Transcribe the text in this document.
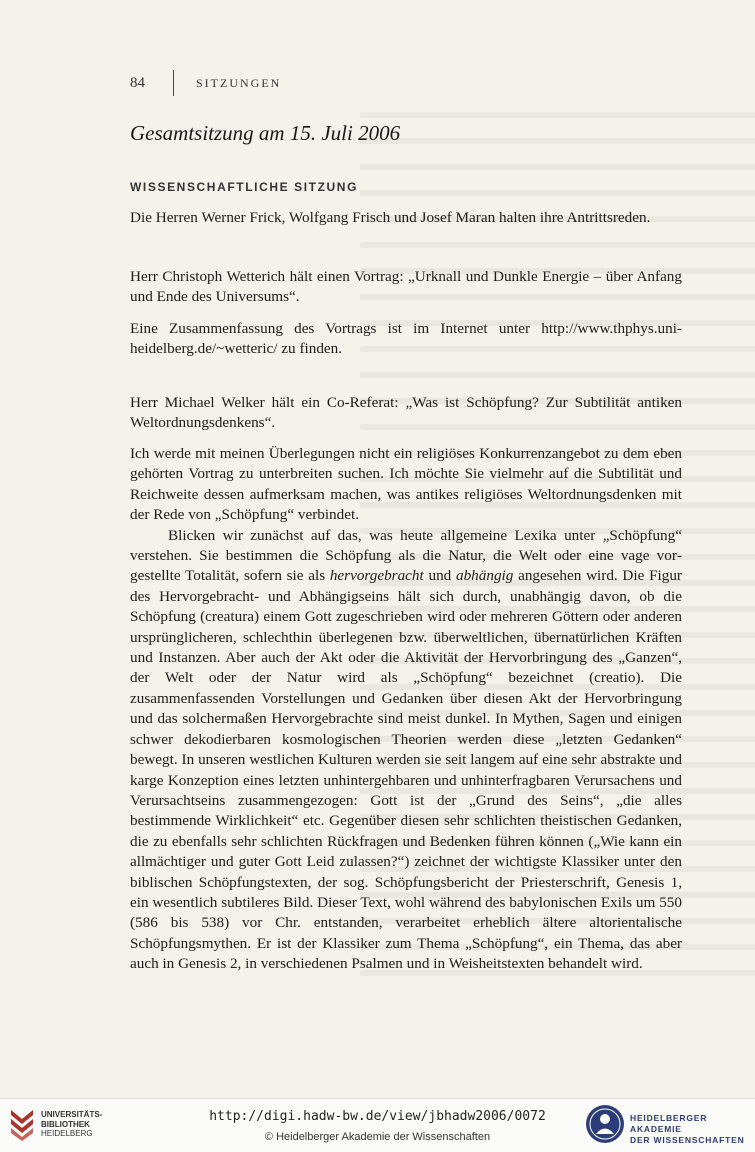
84	SITZUNGEN
Gesamtsitzung am 15. Juli 2006
WISSENSCHAFTLICHE SITZUNG

Die Herren Werner Frick, Wolfgang Frisch und Josef Maran halten ihre Antrittsreden.

Herr Christoph Wetterich hält einen Vortrag: „Urknall und Dunkle Energie – über Anfang und Ende des Universums“.

Eine Zusammenfassung des Vortrags ist im Internet unter http://www.thphys.uni-heidelberg.de/~wetteric/ zu finden.

Herr Michael Welker hält ein Co-Referat: „Was ist Schöpfung? Zur Subtilität antiken Weltordnungsdenkens“.

Ich werde mit meinen Überlegungen nicht ein religiöses Konkurrenzangebot zu dem eben gehörten Vortrag zu unterbreiten suchen. Ich möchte Sie vielmehr auf die Subtilität und Reichweite dessen aufmerksam machen, was antikes religiöses Weltordnungsdenken mit der Rede von „Schöpfung“ verbindet.

Blicken wir zunächst auf das, was heute allgemeine Lexika unter „Schöpfung“ verstehen. Sie bestimmen die Schöpfung als die Natur, die Welt oder eine vage vorgestellte Totalität, sofern sie als hervorgebracht und abhängig angesehen wird. Die Figur des Hervorgebracht- und Abhängigseins hält sich durch, unabhängig davon, ob die Schöpfung (creatura) einem Gott zugeschrieben wird oder mehreren Göttern oder anderen ursprünglicheren, schlechthin überlegenen bzw. überweltlichen, übernatürlichen Kräften und Instanzen. Aber auch der Akt oder die Aktivität der Hervorbringung des „Ganzen“, der Welt oder der Natur wird als „Schöpfung“ bezeichnet (creatio). Die zusammenfassenden Vorstellungen und Gedanken über diesen Akt der Hervorbringung und das solchermaßen Hervorgebrachte sind meist dunkel. In Mythen, Sagen und einigen schwer dekodierbaren kosmologischen Theorien werden diese „letzten Gedanken“ bewegt. In unseren westlichen Kulturen werden sie seit langem auf eine sehr abstrakte und karge Konzeption eines letzten unhintergehbaren und unhinterfragbaren Verursachens und Verursachtseins zusammengezogen: Gott ist der „Grund des Seins“, „die alles bestimmende Wirklichkeit“ etc. Gegenüber diesen sehr schlichten theistischen Gedanken, die zu ebenfalls sehr schlichten Rückfragen und Bedenken führen können („Wie kann ein allmächtiger und guter Gott Leid zulassen?“) zeichnet der wichtigste Klassiker unter den biblischen Schöpfungstexten, der sog. Schöpfungsbericht der Priesterschrift, Genesis 1, ein wesentlich subtileres Bild. Dieser Text, wohl während des babylonischen Exils um 550 (586 bis 538) vor Chr. entstanden, verarbeitet erheblich ältere altorientalische Schöpfungsmythen. Er ist der Klassiker zum Thema „Schöpfung“, ein Thema, das aber auch in Genesis 2, in verschiedenen Psalmen und in Weisheitstexten behandelt wird.

UNIVERSITÄTS-
BIBLIOTHEK
HEIDELBERG
http://digi.hadw-bw.de/view/jbhadw2006/0072
© Heidelberger Akademie der Wissenschaften
HEIDELBERGER AKADEMIE
DER WISSENSCHAFTEN
